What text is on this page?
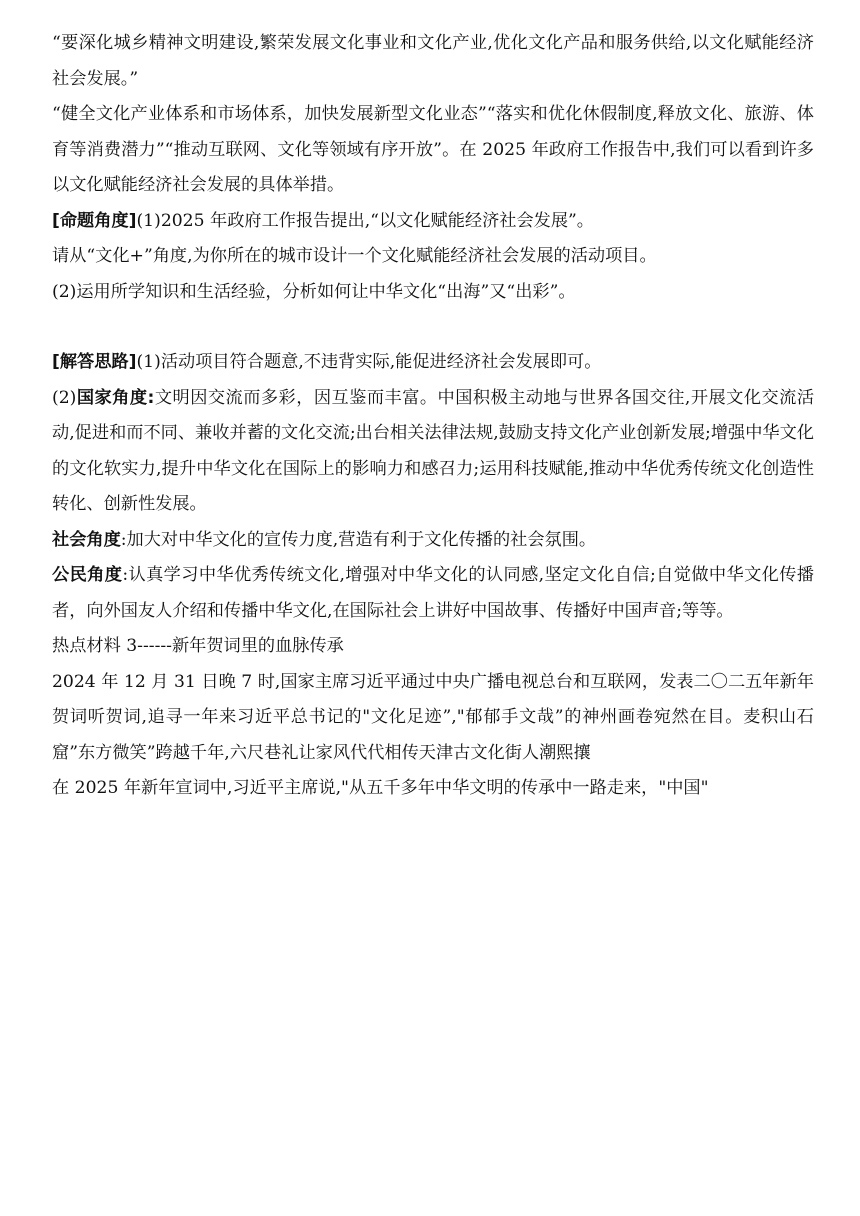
“要深化城乡精神文明建设,繁荣发展文化事业和文化产业,优化文化产品和服务供给,以文化赋能经济社会发展。”

“健全文化产业体系和市场体系，加快发展新型文化业态”“落实和优化休假制度,释放文化、旅游、体育等消费潜力”“推动互联网、文化等领域有序开放”。在 2025 年政府工作报告中,我们可以看到许多以文化赋能经济社会发展的具体举措。

[命题角度](1)2025 年政府工作报告提出,“以文化赋能经济社会发展”。

请从“文化+”角度,为你所在的城市设计一个文化赋能经济社会发展的活动项目。

(2)运用所学知识和生活经验，分析如何让中华文化“出海”又“出彩”。

[解答思路](1)活动项目符合题意,不违背实际,能促进经济社会发展即可。

(2)国家角度:文明因交流而多彩，因互鉴而丰富。中国积极主动地与世界各国交往,开展文化交流活动,促进和而不同、兼收并蓄的文化交流;出台相关法律法规,鼓励支持文化产业创新发展;增强中华文化的文化软实力,提升中华文化在国际上的影响力和感召力;运用科技赋能,推动中华优秀传统文化创造性转化、创新性发展。

社会角度:加大对中华文化的宣传力度,营造有利于文化传播的社会氛围。

公民角度:认真学习中华优秀传统文化,增强对中华文化的认同感,坚定文化自信;自觉做中华文化传播者，向外国友人介绍和传播中华文化,在国际社会上讲好中国故事、传播好中国声音;等等。

热点材料 3------新年贺词里的血脉传承

2024 年 12 月 31 日晚 7 时,国家主席习近平通过中央广播电视总台和互联网，发表二〇二五年新年贺词听贺词,追寻一年来习近平总书记的"文化足迹”,"郁郁手文哉”的神州画卷宛然在目。麦积山石窟”东方微笑”跨越千年,六尺巷礼让家风代代相传天津古文化街人潮熙攘

在 2025 年新年宣词中,习近平主席说,"从五千多年中华文明的传承中一路走来，"中国"
